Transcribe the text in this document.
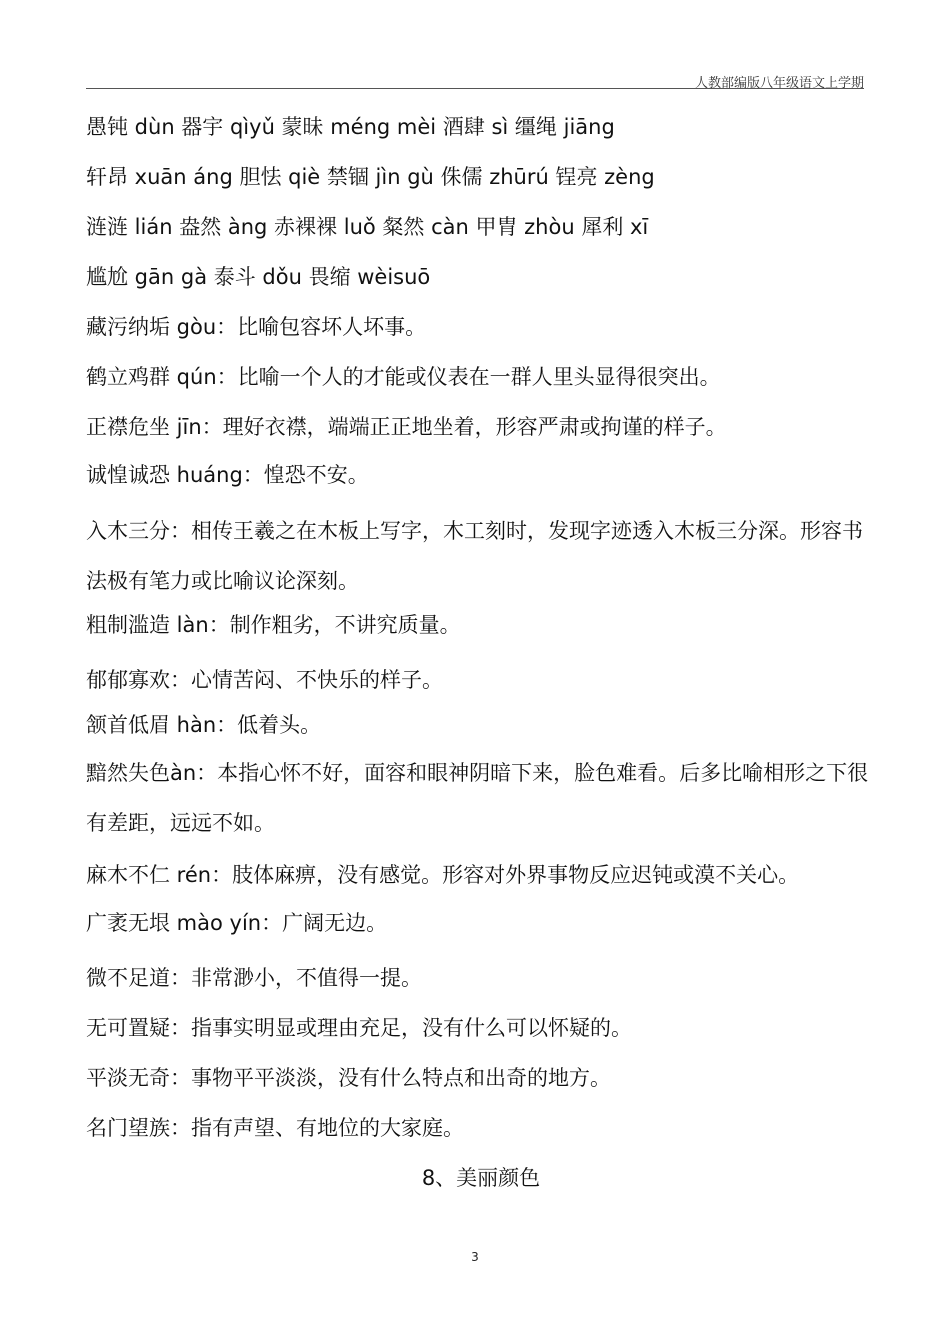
人教部编版八年级语文上学期
愚钝 dùn 器宇 qìyǔ 蒙昧 méng mèi 酒肆 sì 缰绳 jiāng
轩昂 xuān áng 胆怯 qiè 禁锢 jìn gù 侏儒 zhūrú 锃亮 zèng
涟涟 lián 盎然 àng 赤裸裸 luǒ 粲然 càn 甲胄 zhòu 犀利 xī
尴尬 gān gà 泰斗 dǒu 畏缩 wèisuō
藏污纳垢 gòu：比喻包容坏人坏事。
鹤立鸡群 qún：比喻一个人的才能或仪表在一群人里头显得很突出。
正襟危坐 jīn：理好衣襟，端端正正地坐着，形容严肃或拘谨的样子。
诚惶诚恐 huáng：惶恐不安。
入木三分：相传王羲之在木板上写字，木工刻时，发现字迹透入木板三分深。形容书法极有笔力或比喻议论深刻。
粗制滥造 làn：制作粗劣，不讲究质量。
郁郁寡欢：心情苦闷、不快乐的样子。
颔首低眉 hàn：低着头。
黯然失色àn：本指心怀不好，面容和眼神阴暗下来，脸色难看。后多比喻相形之下很有差距，远远不如。
麻木不仁 rén：肢体麻痹，没有感觉。形容对外界事物反应迟钝或漠不关心。
广袤无垠 mào yín：广阔无边。
微不足道：非常渺小，不值得一提。
无可置疑：指事实明显或理由充足，没有什么可以怀疑的。
平淡无奇：事物平平淡淡，没有什么特点和出奇的地方。
名门望族：指有声望、有地位的大家庭。
8、美丽颜色
3
